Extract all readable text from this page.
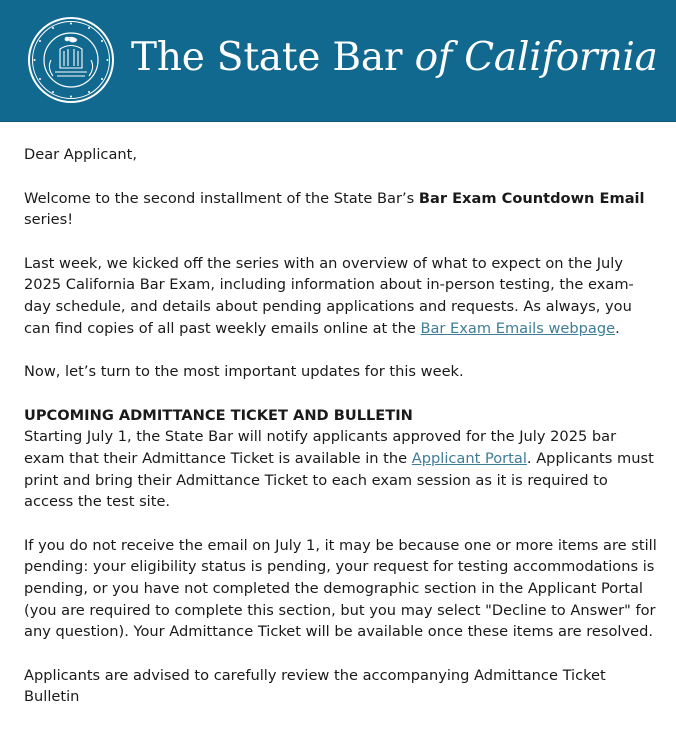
The State Bar of California

Dear Applicant,

Welcome to the second installment of the State Bar’s Bar Exam Countdown Email series!

Last week, we kicked off the series with an overview of what to expect on the July 2025 California Bar Exam, including information about in-person testing, the exam-day schedule, and details about pending applications and requests. As always, you can find copies of all past weekly emails online at the Bar Exam Emails webpage.

Now, let’s turn to the most important updates for this week.

UPCOMING ADMITTANCE TICKET AND BULLETIN

Starting July 1, the State Bar will notify applicants approved for the July 2025 bar exam that their Admittance Ticket is available in the Applicant Portal. Applicants must print and bring their Admittance Ticket to each exam session as it is required to access the test site.

If you do not receive the email on July 1, it may be because one or more items are still pending: your eligibility status is pending, your request for testing accommodations is pending, or you have not completed the demographic section in the Applicant Portal (you are required to complete this section, but you may select "Decline to Answer" for any question). Your Admittance Ticket will be available once these items are resolved.

Applicants are advised to carefully review the accompanying Admittance Ticket Bulletin
